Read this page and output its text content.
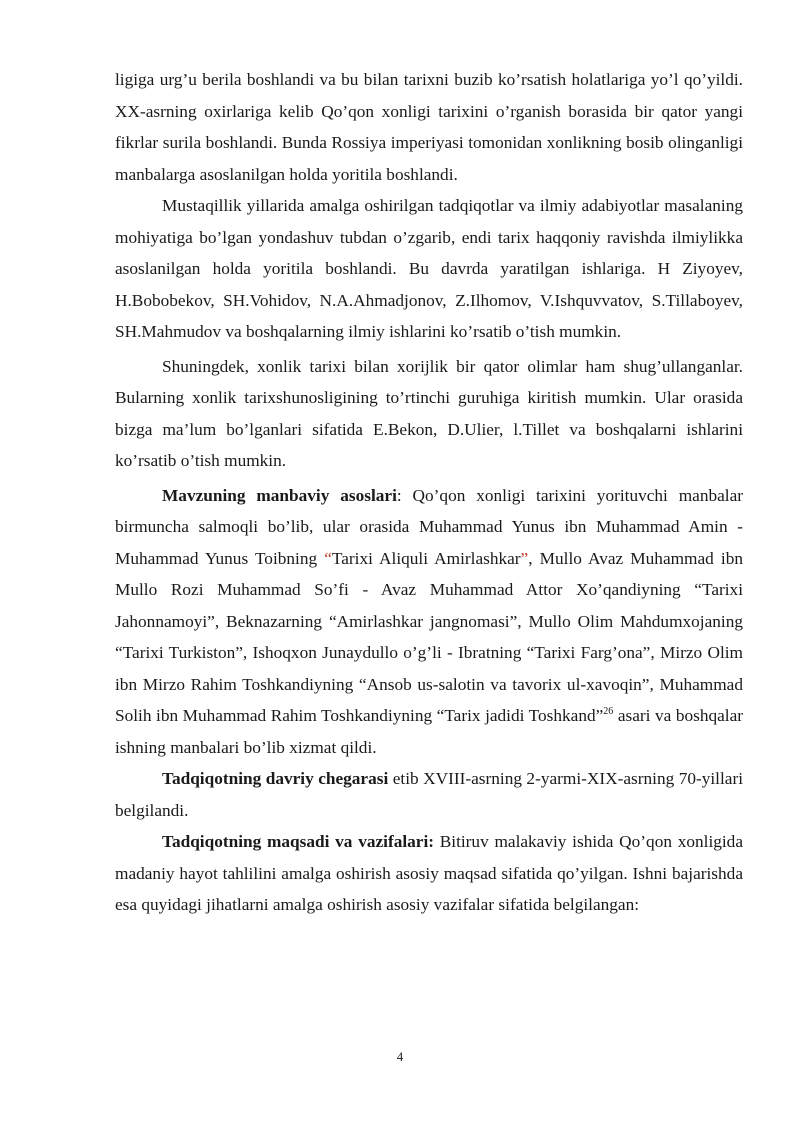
ligiga urg’u berila boshlandi va bu bilan tarixni buzib ko’rsatish holatlariga yo’l qo’yildi. XX-asrning oxirlariga kelib Qo’qon xonligi tarixini o’rganish borasida bir qator yangi fikrlar surila boshlandi. Bunda Rossiya imperiyasi tomonidan xonlikning bosib olinganligi manbalarga asoslanilgan holda yoritila boshlandi.

Mustaqillik yillarida amalga oshirilgan tadqiqotlar va ilmiy adabiyotlar masalaning mohiyatiga bo’lgan yondashuv tubdan o’zgarib, endi tarix haqqoniy ravishda ilmiylikka asoslanilgan holda yoritila boshlandi. Bu davrda yaratilgan ishlariga. H Ziyoyev, H.Bobobekov, SH.Vohidov, N.A.Ahmadjonov, Z.Ilhomov, V.Ishquvvatov, S.Tillaboyev, SH.Mahmudov va boshqalarning ilmiy ishlarini ko’rsatib o’tish mumkin.

Shuningdek, xonlik tarixi bilan xorijlik bir qator olimlar ham shug’ullanganlar. Bularning xonlik tarixshunosligining to’rtinchi guruhiga kiritish mumkin. Ular orasida bizga ma’lum bo’lganlari sifatida E.Bekon, D.Ulier, l.Tillet va boshqalarni ishlarini ko’rsatib o’tish mumkin.

Mavzuning manbaviy asoslari: Qo’qon xonligi tarixini yorituvchi manbalar birmuncha salmoqli bo’lib, ular orasida Muhammad Yunus ibn Muhammad Amin - Muhammad Yunus Toibning “Tarixi Aliquli Amirlashkar”, Mullo Avaz Muhammad ibn Mullo Rozi Muhammad So’fi - Avaz Muhammad Attor Xo’qandiyning “Tarixi Jahonnamoyi”, Beknazarning “Amirlashkar jangnomasi”, Mullo Olim Mahdumxojaning “Tarixi Turkiston”, Ishoqxon Junaydullo o’g’li - Ibratning “Tarixi Farg’ona”, Mirzo Olim ibn Mirzo Rahim Toshkandiyning “Ansob us-salotin va tavorix ul-xavoqin”, Muhammad Solih ibn Muhammad Rahim Toshkandiyning “Tarix jadidi Toshkand”$^{26}$ asari va boshqalar ishning manbalari bo’lib xizmat qildi.

Tadqiqotning davriy chegarasi etib XVIII-asrning 2-yarmi-XIX-asrning 70-yillari belgilandi.

Tadqiqotning maqsadi va vazifalari: Bitiruv malakaviy ishida Qo’qon xonligida madaniy hayot tahlilini amalga oshirish asosiy maqsad sifatida qo’yilgan. Ishni bajarishda esa quyidagi jihatlarni amalga oshirish asosiy vazifalar sifatida belgilangan:

4
